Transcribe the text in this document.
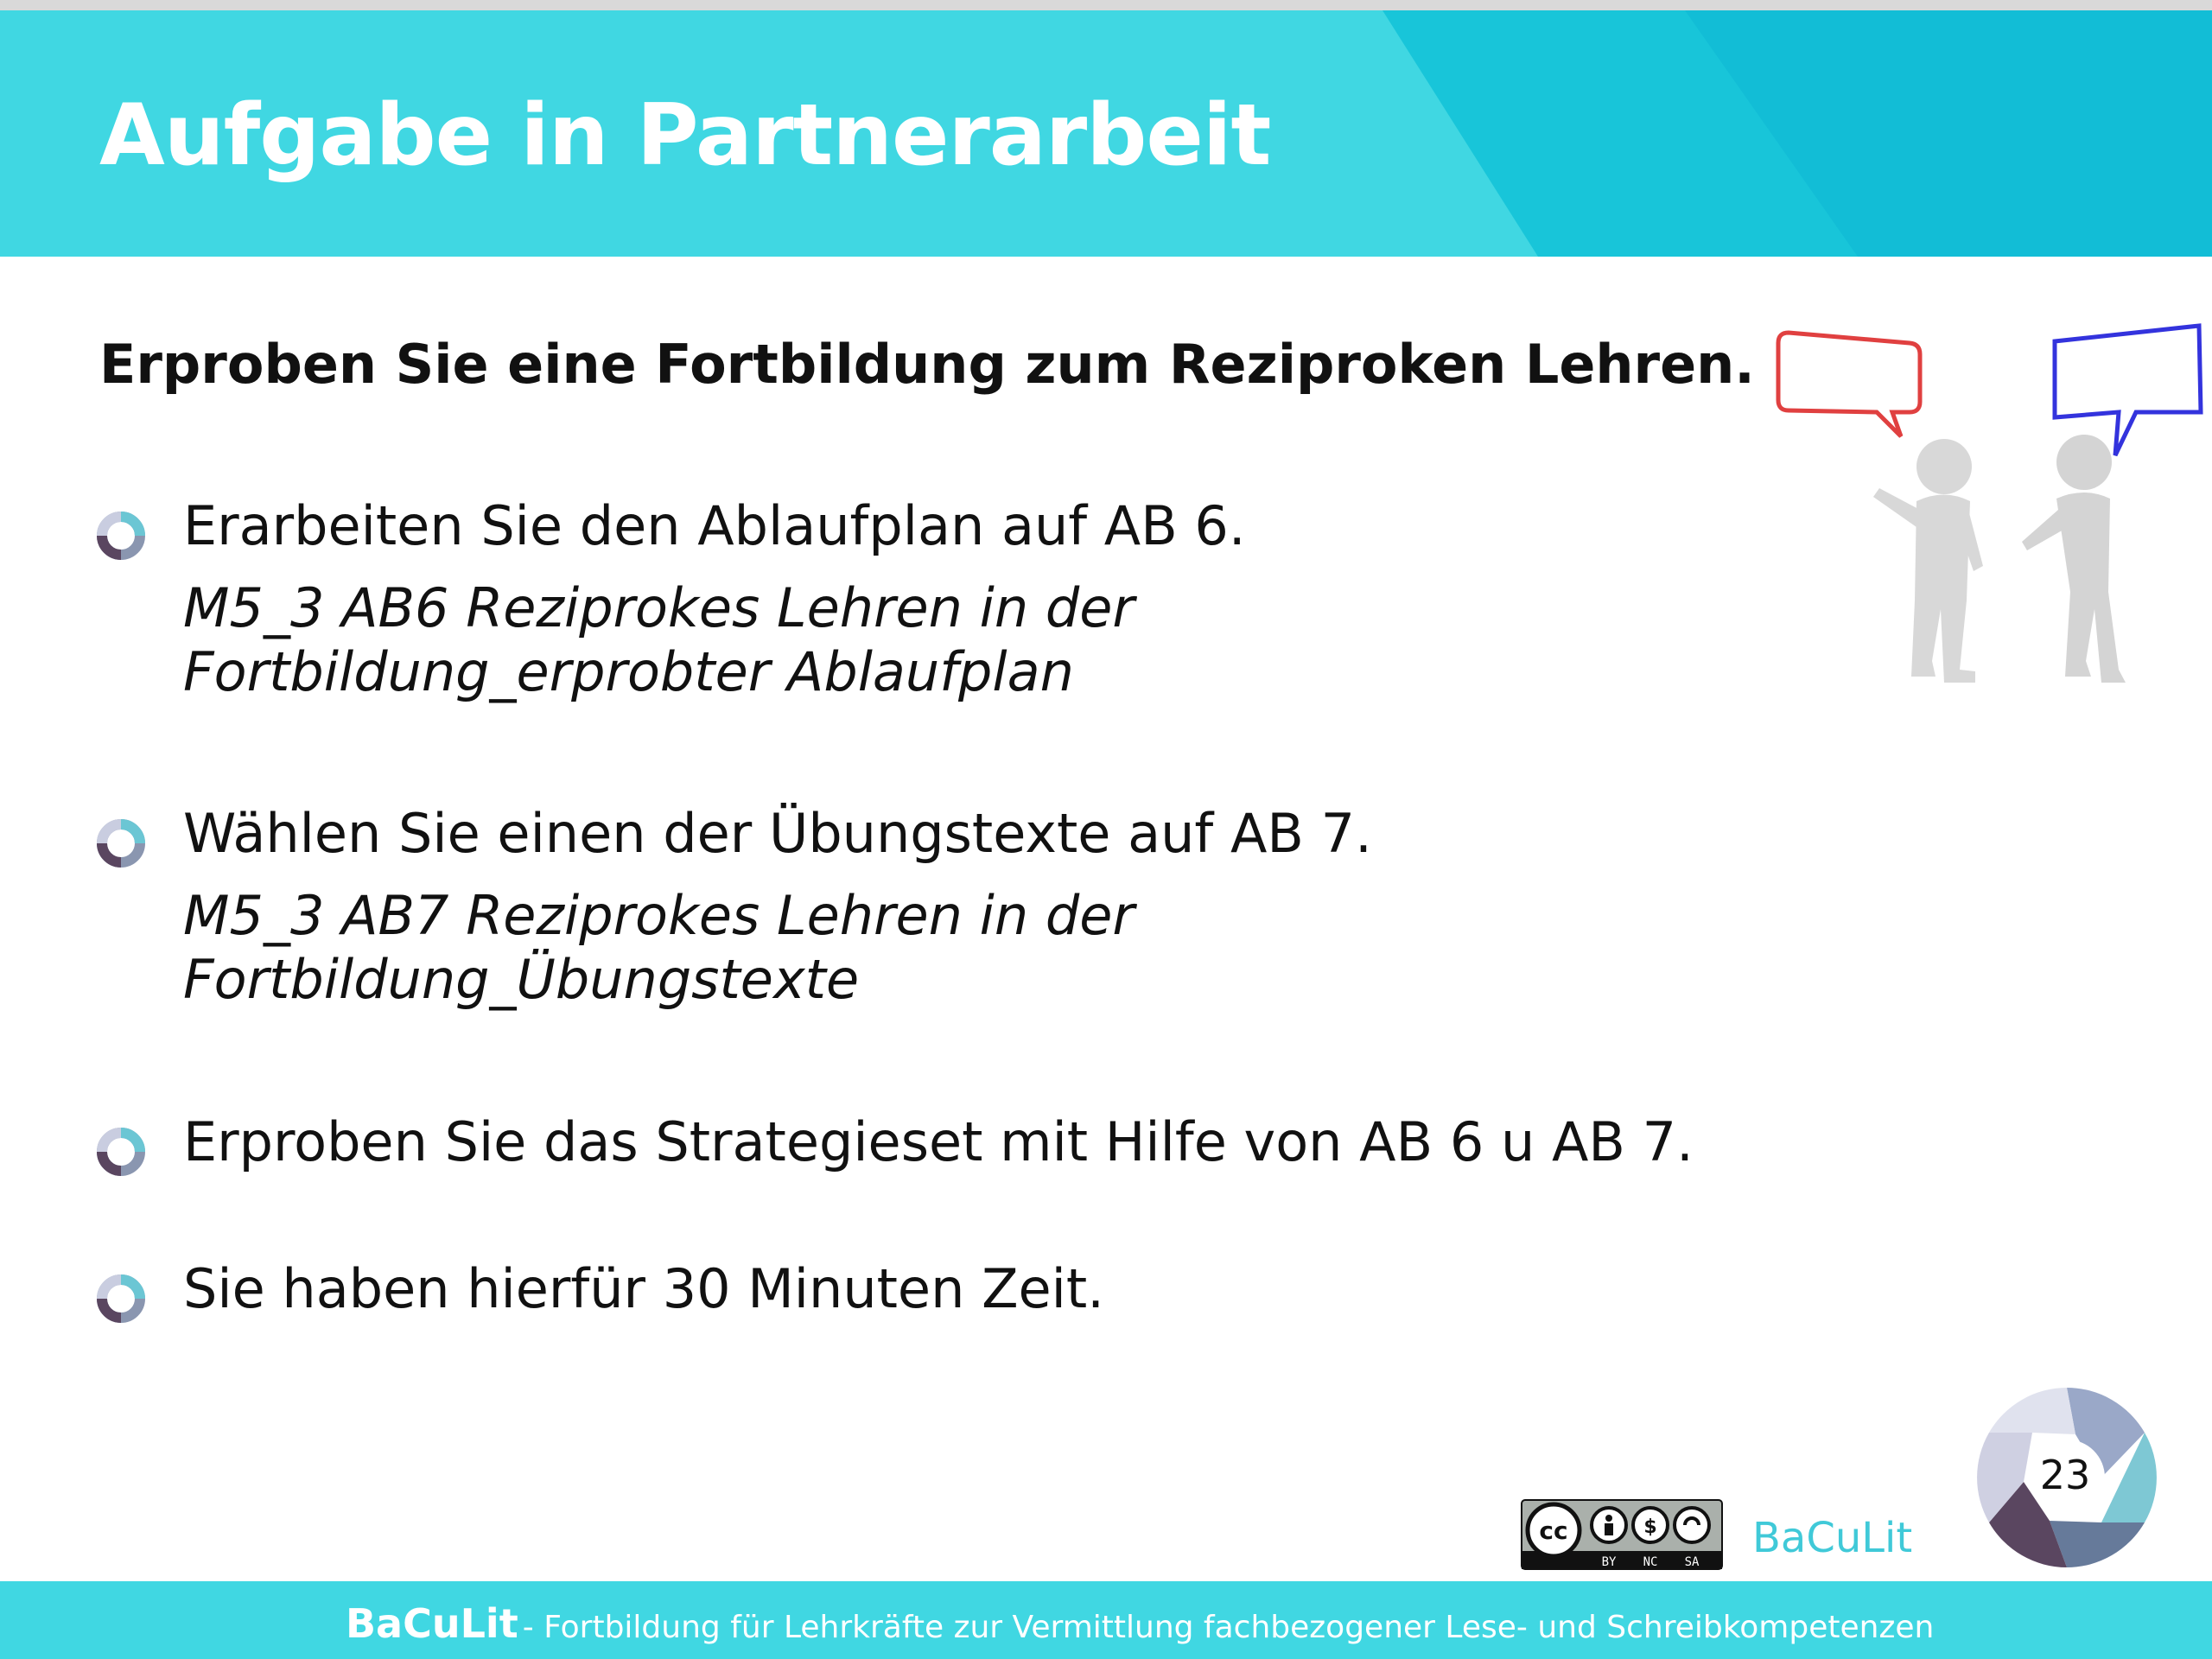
Aufgabe in Partnerarbeit
Erproben Sie eine Fortbildung zum Reziproken Lehren.
Erarbeiten Sie den Ablaufplan auf AB 6.
M5_3 AB6 Reziprokes Lehren in der
Fortbildung_erprobter Ablaufplan
Wählen Sie einen der Übungstexte auf AB 7.
M5_3 AB7 Reziprokes Lehren in der
Fortbildung_Übungstexte
Erproben Sie das Strategieset mit Hilfe von AB 6 u AB 7.
Sie haben hierfür 30 Minuten Zeit.
cc	$
BY NC SA BaCuLit
23
BaCuLit - Fortbildung für Lehrkräfte zur Vermittlung fachbezogener Lese- und Schreibkompetenzen
